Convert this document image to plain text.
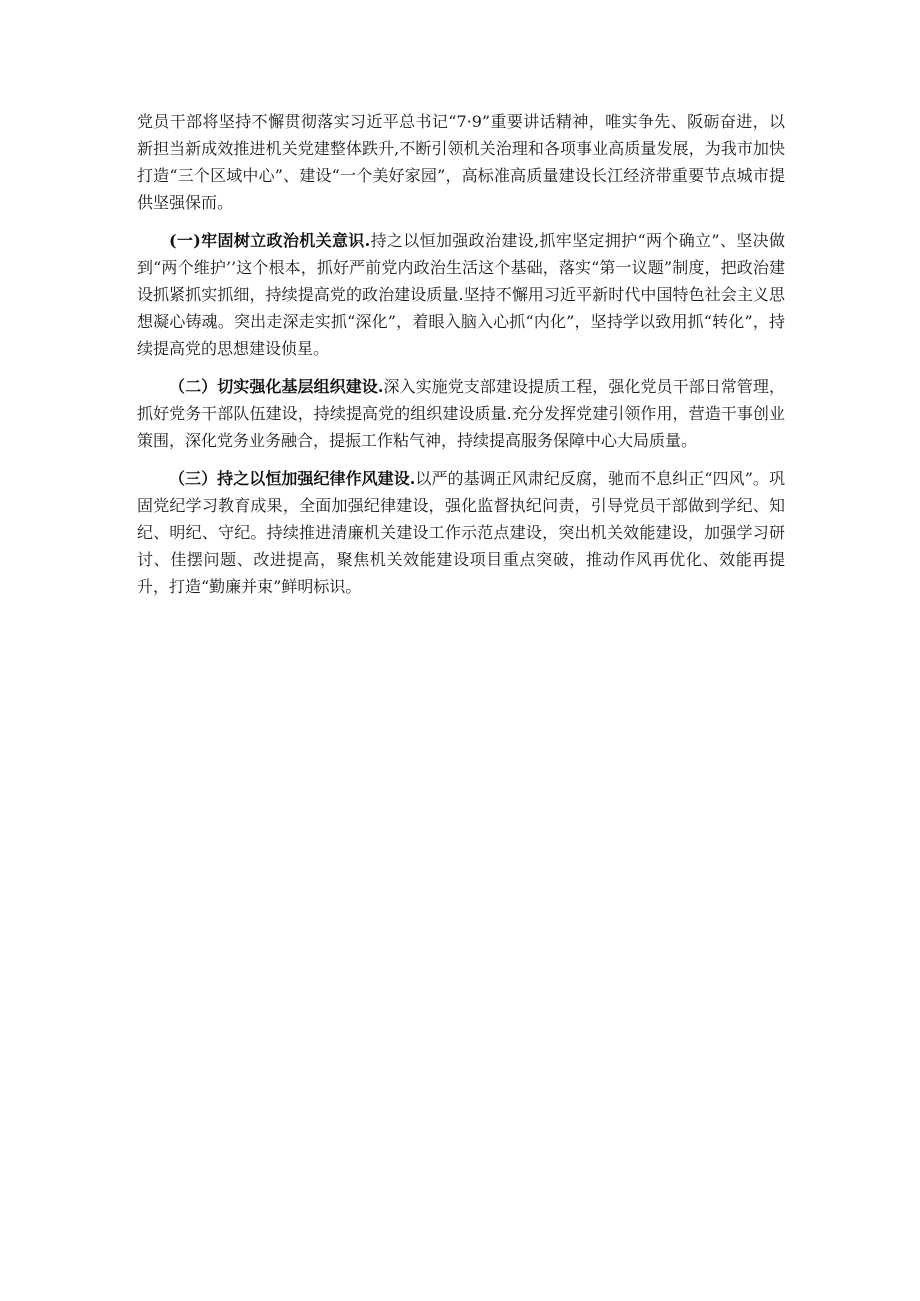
党员干部将坚持不懈贯彻落实习近平总书记“7·9”重要讲话精神，唯实争先、阪砺奋进，以新担当新成效推进机关党建整体跌升,不断引领机关治理和各项事业高质量发展，为我市加快打造“三个区域中心”、建设“一个美好家园”，高标准高质量建设长江经济带重要节点城市提供坚强保而。

(一)牢固树立政治机关意识.持之以恒加强政治建设,抓牢坚定拥护“两个确立”、坚决做到“两个维护’’这个根本，抓好严前党内政治生活这个基础，落实“第一议题”制度，把政治建设抓紧抓实抓细，持续提高党的政治建设质量.坚持不懈用习近平新时代中国特色社会主义思想凝心铸魂。突出走深走实抓“深化”，着眼入脑入心抓“内化”，坚持学以致用抓“转化”，持续提高党的思想建设侦星。

（二）切实强化基层组织建设.深入实施党支部建设提质工程，强化党员干部日常管理，抓好党务干部队伍建设，持续提高党的组织建设质量.充分发挥党建引领作用，营造干事创业策围，深化党务业务融合，提振工作粘气神，持续提高服务保障中心大局质量。

（三）持之以恒加强纪律作风建设.以严的基调正风肃纪反腐，驰而不息纠正“四风”。巩固党纪学习教育成果，全面加强纪律建设，强化监督执纪问责，引导党员干部做到学纪、知纪、明纪、守纪。持续推进清廉机关建设工作示范点建设，突出机关效能建设，加强学习研讨、佳摆问题、改进提高，聚焦机关效能建设项目重点突破，推动作风再优化、效能再提升，打造“勤廉并束”鲜明标识。
